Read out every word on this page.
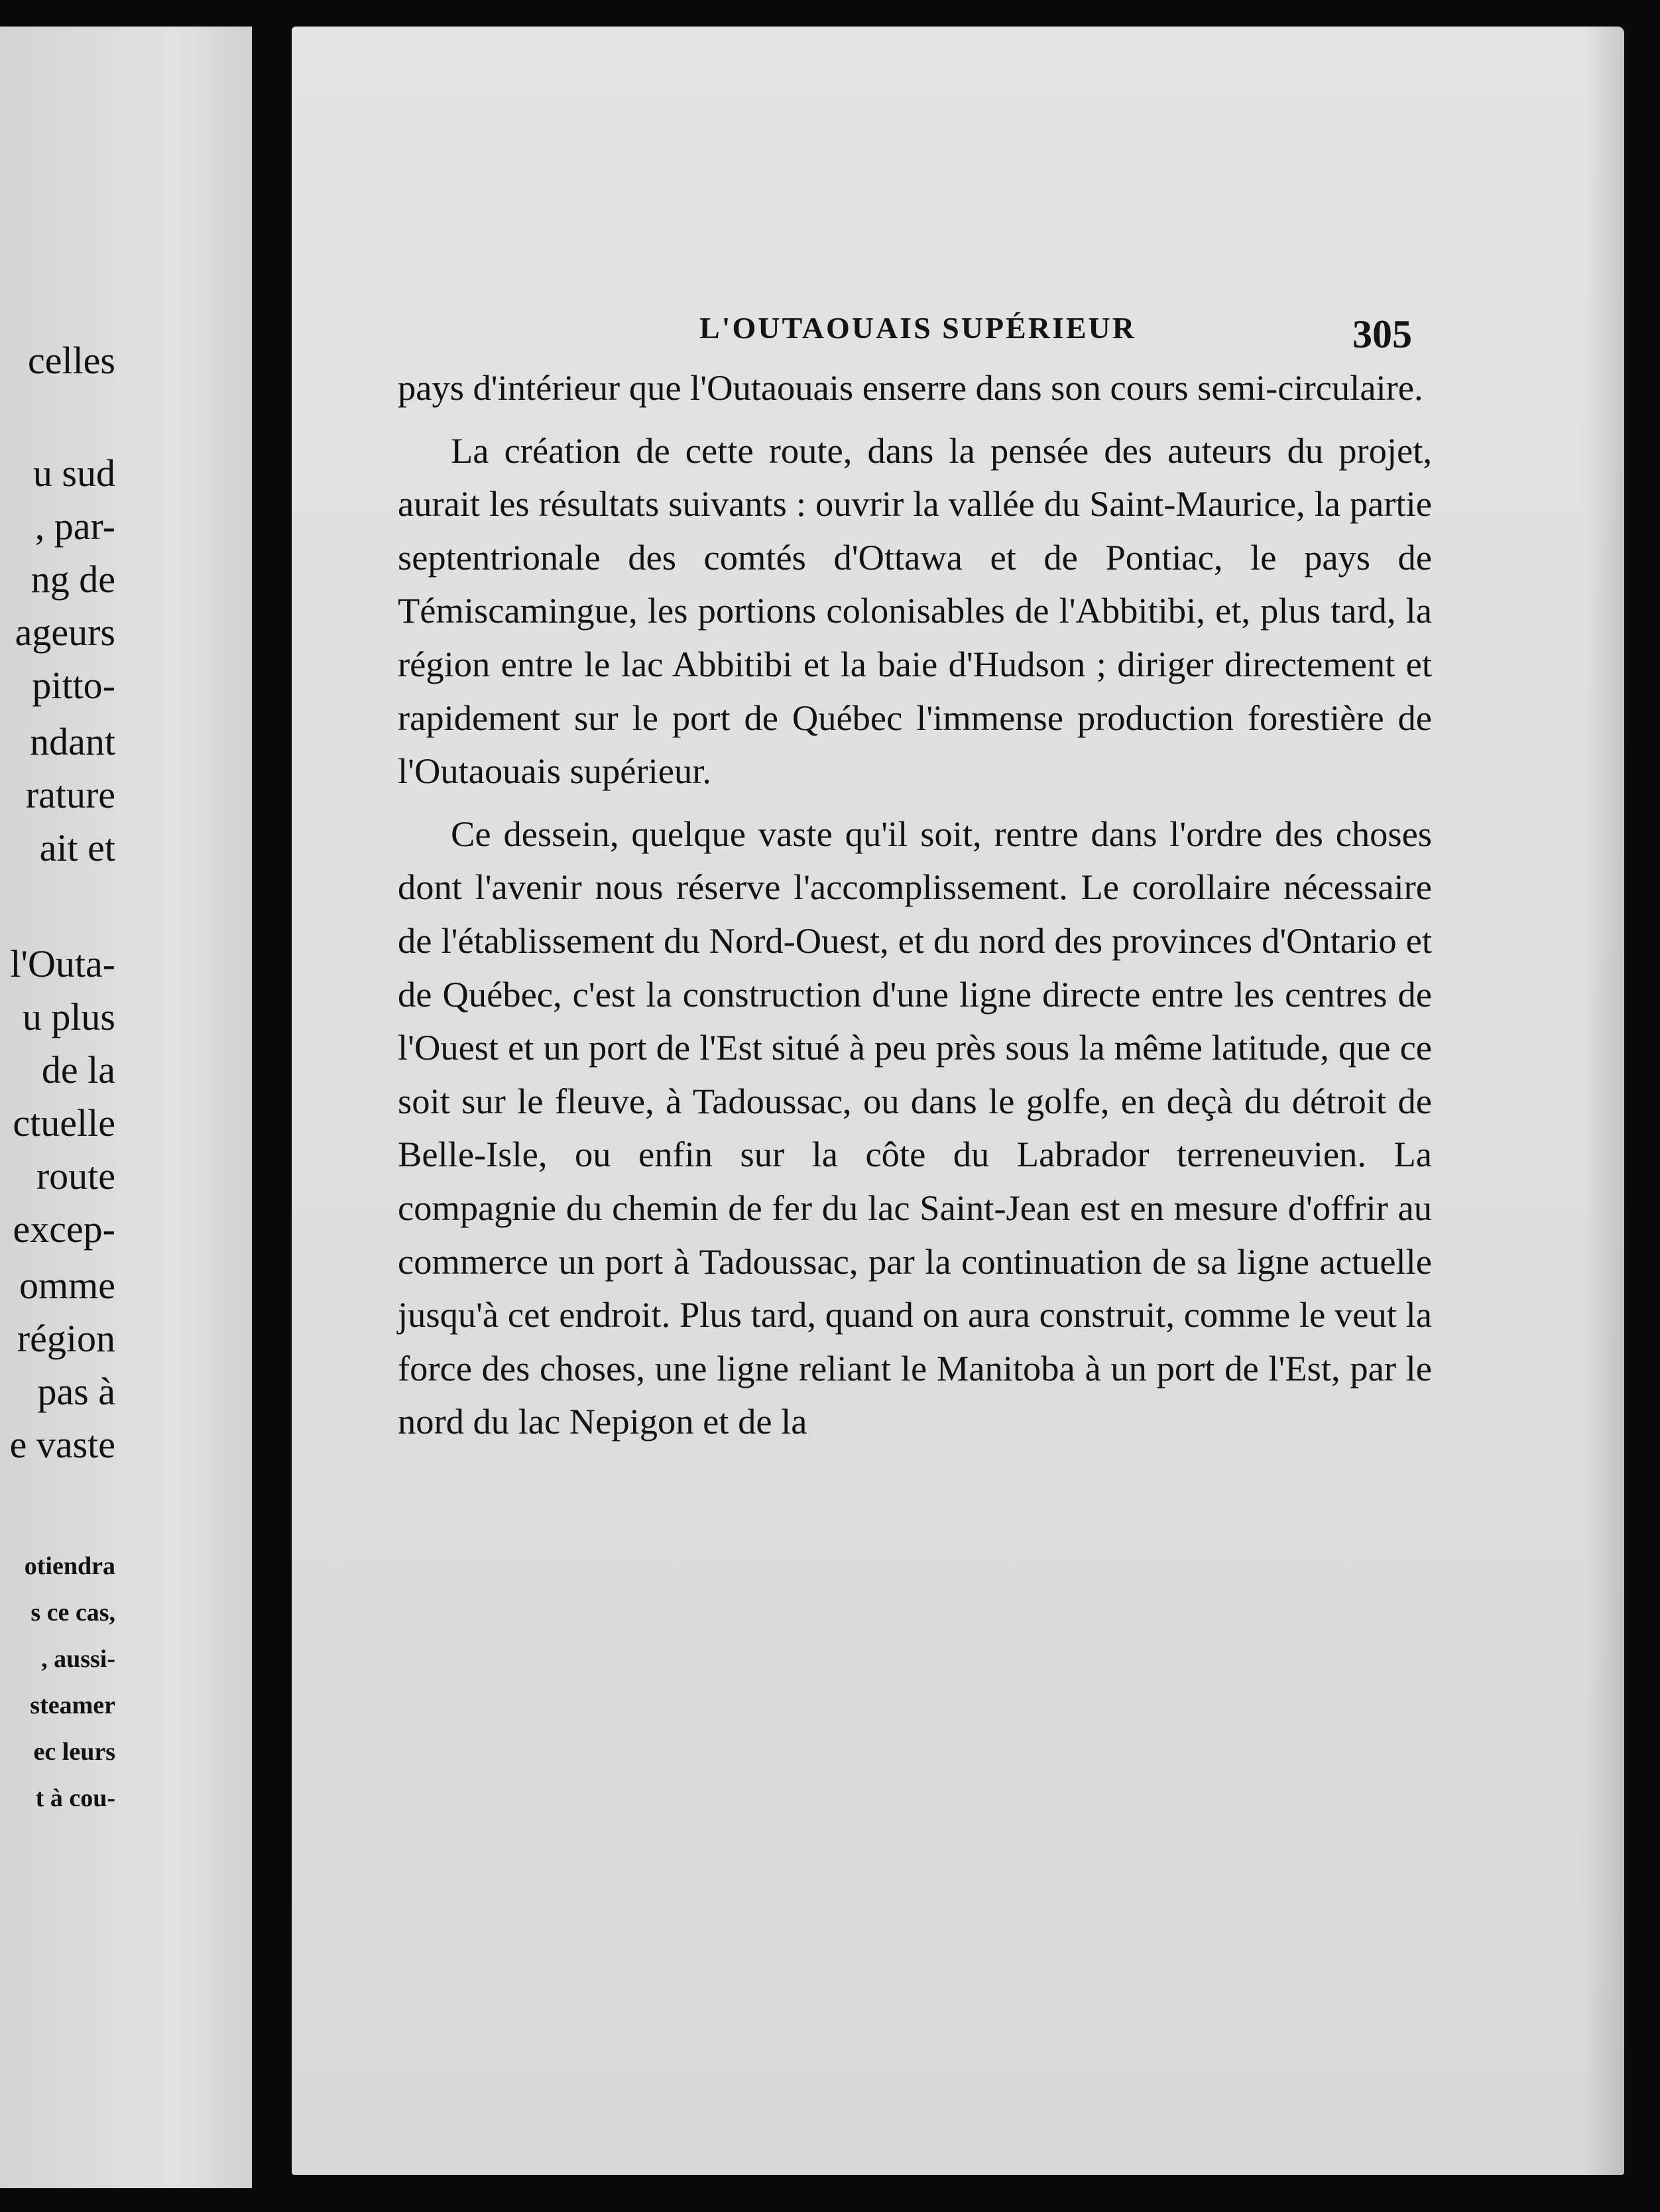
celles
u sud
, par-
ng de
ageurs
pitto-
ndant
rature
ait et
l'Outa-
u plus
de la
ctuelle
route
excep-
omme
région
pas à
e vaste
otiendra
s ce cas,
, aussi-
steamer
ec leurs
t à cou-
L'OUTAOUAIS SUPÉRIEUR	305

pays d'intérieur que l'Outaouais enserre dans son cours semi-circulaire.

La création de cette route, dans la pensée des auteurs du projet, aurait les résultats suivants : ouvrir la vallée du Saint-Maurice, la partie septentrionale des comtés d'Ottawa et de Pontiac, le pays de Témiscamingue, les portions colonisables de l'Abbitibi, et, plus tard, la région entre le lac Abbitibi et la baie d'Hudson ; diriger directement et rapidement sur le port de Québec l'immense production forestière de l'Outaouais supérieur.

Ce dessein, quelque vaste qu'il soit, rentre dans l'ordre des choses dont l'avenir nous réserve l'accomplissement. Le corollaire nécessaire de l'établissement du Nord-Ouest, et du nord des provinces d'Ontario et de Québec, c'est la construction d'une ligne directe entre les centres de l'Ouest et un port de l'Est situé à peu près sous la même latitude, que ce soit sur le fleuve, à Tadoussac, ou dans le golfe, en deçà du détroit de Belle-Isle, ou enfin sur la côte du Labrador terreneuvien. La compagnie du chemin de fer du lac Saint-Jean est en mesure d'offrir au commerce un port à Tadoussac, par la continuation de sa ligne actuelle jusqu'à cet endroit. Plus tard, quand on aura construit, comme le veut la force des choses, une ligne reliant le Manitoba à un port de l'Est, par le nord du lac Nepigon et de la
